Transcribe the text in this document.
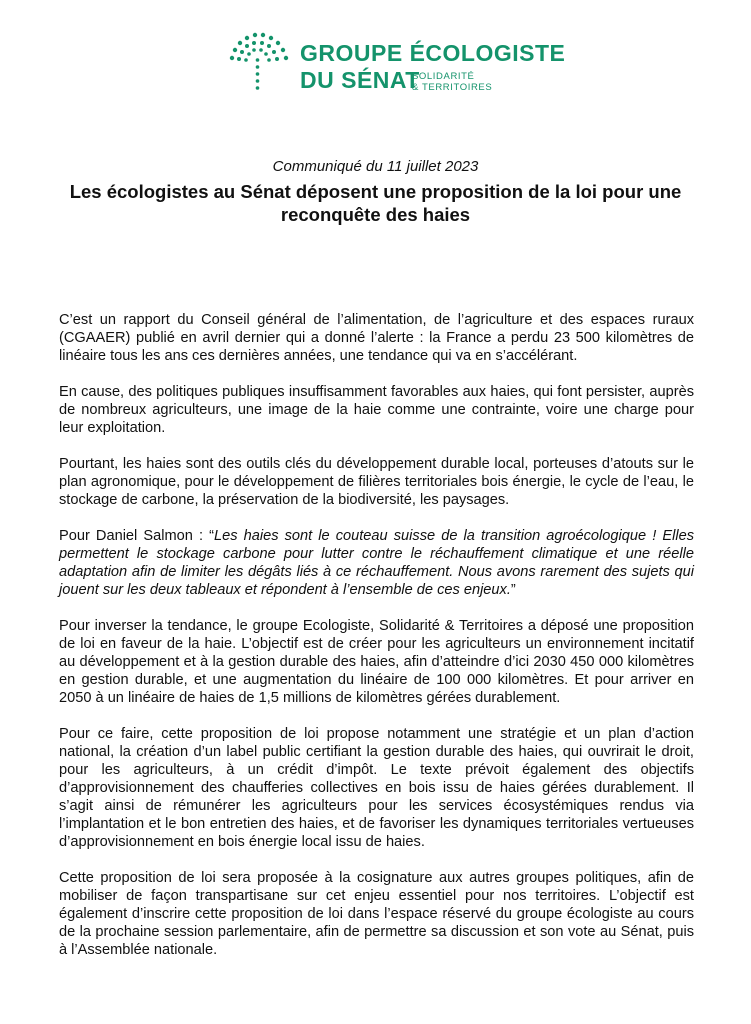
GROUPE ÉCOLOGISTE
DU SÉNAT
SOLIDARITÉ
& TERRITOIRES
Communiqué du 11 juillet 2023
Les écologistes au Sénat déposent une proposition de la loi pour une reconquête des haies

C’est un rapport du Conseil général de l’alimentation, de l’agriculture et des espaces ruraux (CGAAER) publié en avril dernier qui a donné l’alerte : la France a perdu 23 500 kilomètres de linéaire tous les ans ces dernières années, une tendance qui va en s’accélérant.

En cause, des politiques publiques insuffisamment favorables aux haies, qui font persister, auprès de nombreux agriculteurs, une image de la haie comme une contrainte, voire une charge pour leur exploitation.

Pourtant, les haies sont des outils clés du développement durable local, porteuses d’atouts sur le plan agronomique, pour le développement de filières territoriales bois énergie, le cycle de l’eau, le stockage de carbone, la préservation de la biodiversité, les paysages.

Pour Daniel Salmon : “Les haies sont le couteau suisse de la transition agroécologique ! Elles permettent le stockage carbone pour lutter contre le réchauffement climatique et une réelle adaptation afin de limiter les dégâts liés à ce réchauffement. Nous avons rarement des sujets qui jouent sur les deux tableaux et répondent à l’ensemble de ces enjeux.”

Pour inverser la tendance, le groupe Ecologiste, Solidarité & Territoires a déposé une proposition de loi en faveur de la haie. L’objectif est de créer pour les agriculteurs un environnement incitatif au développement et à la gestion durable des haies, afin d’atteindre d’ici 2030 450 000 kilomètres en gestion durable, et une augmentation du linéaire de 100 000 kilomètres. Et pour arriver en 2050 à un linéaire de haies de 1,5 millions de kilomètres gérées durablement.

Pour ce faire, cette proposition de loi propose notamment une stratégie et un plan d’action national, la création d’un label public certifiant la gestion durable des haies, qui ouvrirait le droit, pour les agriculteurs, à un crédit d’impôt. Le texte prévoit également des objectifs d’approvisionnement des chaufferies collectives en bois issu de haies gérées durablement. Il s’agit ainsi de rémunérer les agriculteurs pour les services écosystémiques rendus via l’implantation et le bon entretien des haies, et de favoriser les dynamiques territoriales vertueuses d’approvisionnement en bois énergie local issu de haies.

Cette proposition de loi sera proposée à la cosignature aux autres groupes politiques, afin de mobiliser de façon transpartisane sur cet enjeu essentiel pour nos territoires. L’objectif est également d’inscrire cette proposition de loi dans l’espace réservé du groupe écologiste au cours de la prochaine session parlementaire, afin de permettre sa discussion et son vote au Sénat, puis à l’Assemblée nationale.
